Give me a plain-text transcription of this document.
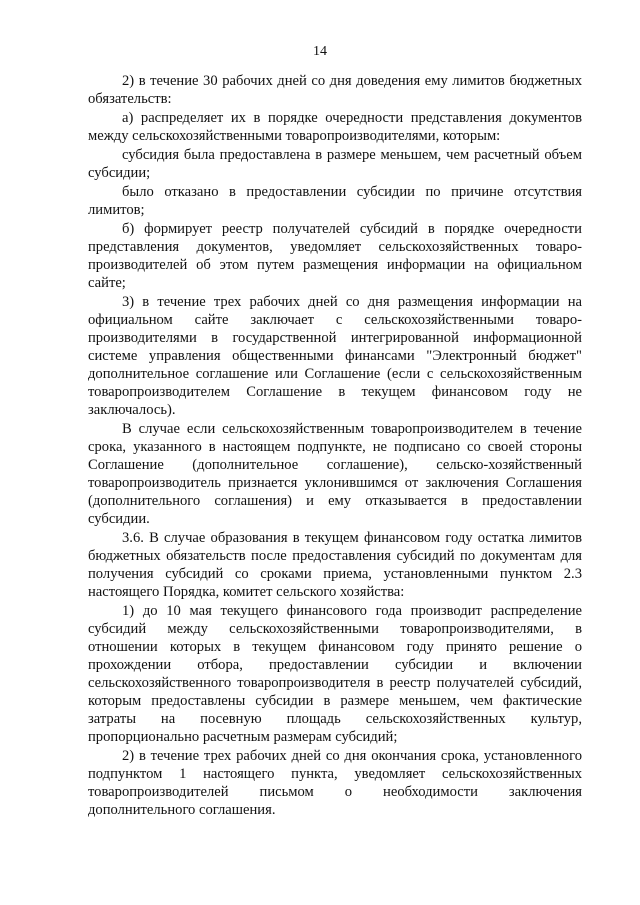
14

2) в течение 30 рабочих дней со дня доведения ему лимитов бюджетных обязательств:

а) распределяет их в порядке очередности представления документов между сельскохозяйственными товаропроизводителями, которым:

субсидия была предоставлена в размере меньшем, чем расчетный объем субсидии;

было отказано в предоставлении субсидии по причине отсутствия лимитов;

б) формирует реестр получателей субсидий в порядке очередности представления документов, уведомляет сельскохозяйственных товаро-производителей об этом путем размещения информации на официальном сайте;

3) в течение трех рабочих дней со дня размещения информации на официальном сайте заключает с сельскохозяйственными товаро-производителями в государственной интегрированной информационной системе управления общественными финансами "Электронный бюджет" дополнительное соглашение или Соглашение (если с сельскохозяйственным товаропроизводителем Соглашение в текущем финансовом году не заключалось).

В случае если сельскохозяйственным товаропроизводителем в течение срока, указанного в настоящем подпункте, не подписано со своей стороны Соглашение (дополнительное соглашение), сельско-хозяйственный товаропроизводитель признается уклонившимся от заключения Соглашения (дополнительного соглашения) и ему отказывается в предоставлении субсидии.

3.6. В случае образования в текущем финансовом году остатка лимитов бюджетных обязательств после предоставления субсидий по документам для получения субсидий со сроками приема, установленными пунктом 2.3 настоящего Порядка, комитет сельского хозяйства:

1) до 10 мая текущего финансового года производит распределение субсидий между сельскохозяйственными товаропроизводителями, в отношении которых в текущем финансовом году принято решение о прохождении отбора, предоставлении субсидии и включении сельскохозяйственного товаропроизводителя в реестр получателей субсидий, которым предоставлены субсидии в размере меньшем, чем фактические затраты на посевную площадь сельскохозяйственных культур, пропорционально расчетным размерам субсидий;

2) в течение трех рабочих дней со дня окончания срока, установленного подпунктом 1 настоящего пункта, уведомляет сельскохозяйственных товаропроизводителей письмом о необходимости заключения дополнительного соглашения.
